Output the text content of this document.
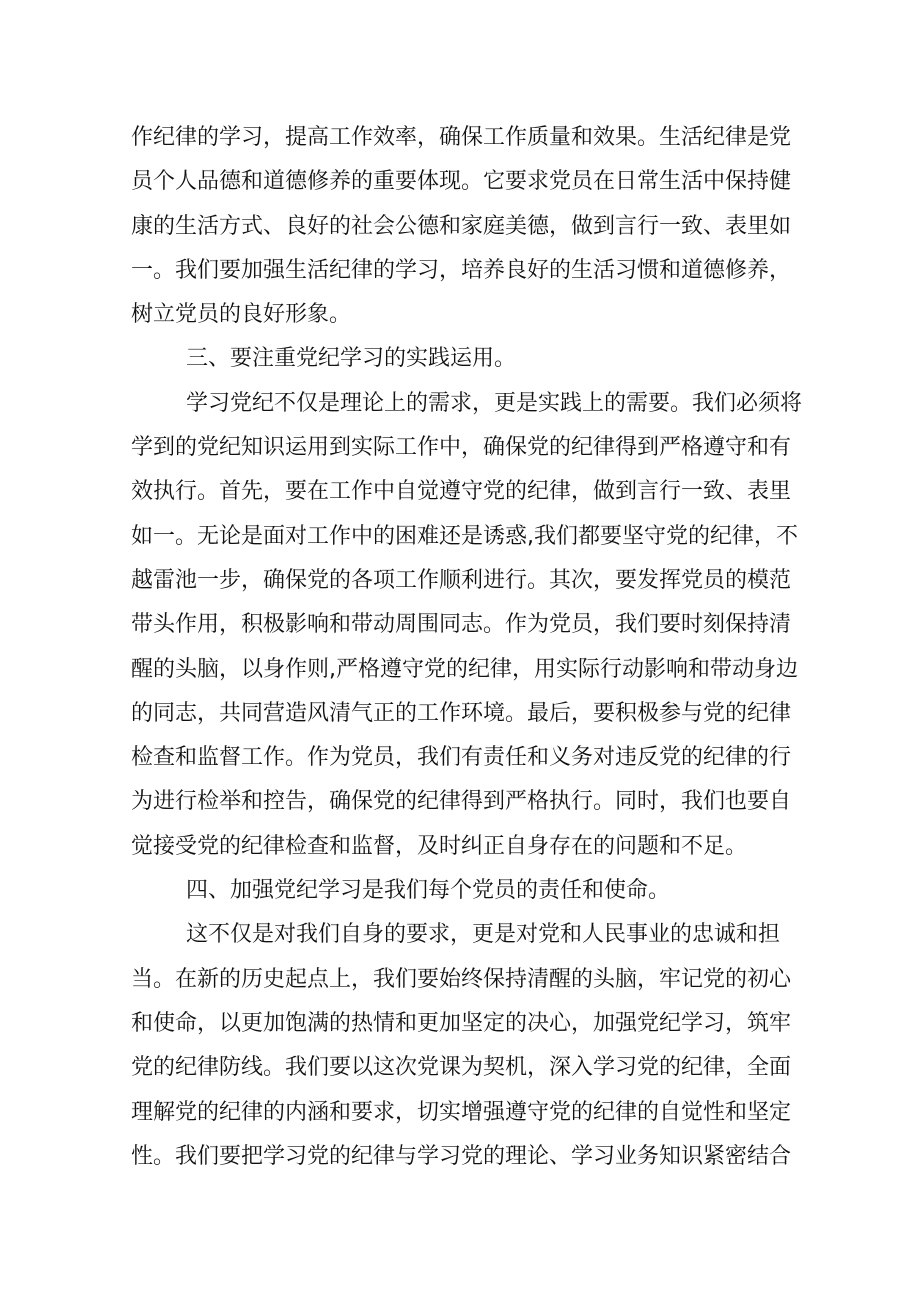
作纪律的学习，提高工作效率，确保工作质量和效果。生活纪律是党
员个人品德和道德修养的重要体现。它要求党员在日常生活中保持健
康的生活方式、良好的社会公德和家庭美德，做到言行一致、表里如
一。我们要加强生活纪律的学习，培养良好的生活习惯和道德修养，
树立党员的良好形象。
三、要注重党纪学习的实践运用。
学习党纪不仅是理论上的需求，更是实践上的需要。我们必须将
学到的党纪知识运用到实际工作中，确保党的纪律得到严格遵守和有
效执行。首先，要在工作中自觉遵守党的纪律，做到言行一致、表里
如一。无论是面对工作中的困难还是诱惑,我们都要坚守党的纪律，不
越雷池一步，确保党的各项工作顺利进行。其次，要发挥党员的模范
带头作用，积极影响和带动周围同志。作为党员，我们要时刻保持清
醒的头脑，以身作则,严格遵守党的纪律，用实际行动影响和带动身边
的同志，共同营造风清气正的工作环境。最后，要积极参与党的纪律
检查和监督工作。作为党员，我们有责任和义务对违反党的纪律的行
为进行检举和控告，确保党的纪律得到严格执行。同时，我们也要自
觉接受党的纪律检查和监督，及时纠正自身存在的问题和不足。
四、加强党纪学习是我们每个党员的责任和使命。
这不仅是对我们自身的要求，更是对党和人民事业的忠诚和担
当。在新的历史起点上，我们要始终保持清醒的头脑，牢记党的初心
和使命，以更加饱满的热情和更加坚定的决心，加强党纪学习，筑牢
党的纪律防线。我们要以这次党课为契机，深入学习党的纪律，全面
理解党的纪律的内涵和要求，切实增强遵守党的纪律的自觉性和坚定
性。我们要把学习党的纪律与学习党的理论、学习业务知识紧密结合
